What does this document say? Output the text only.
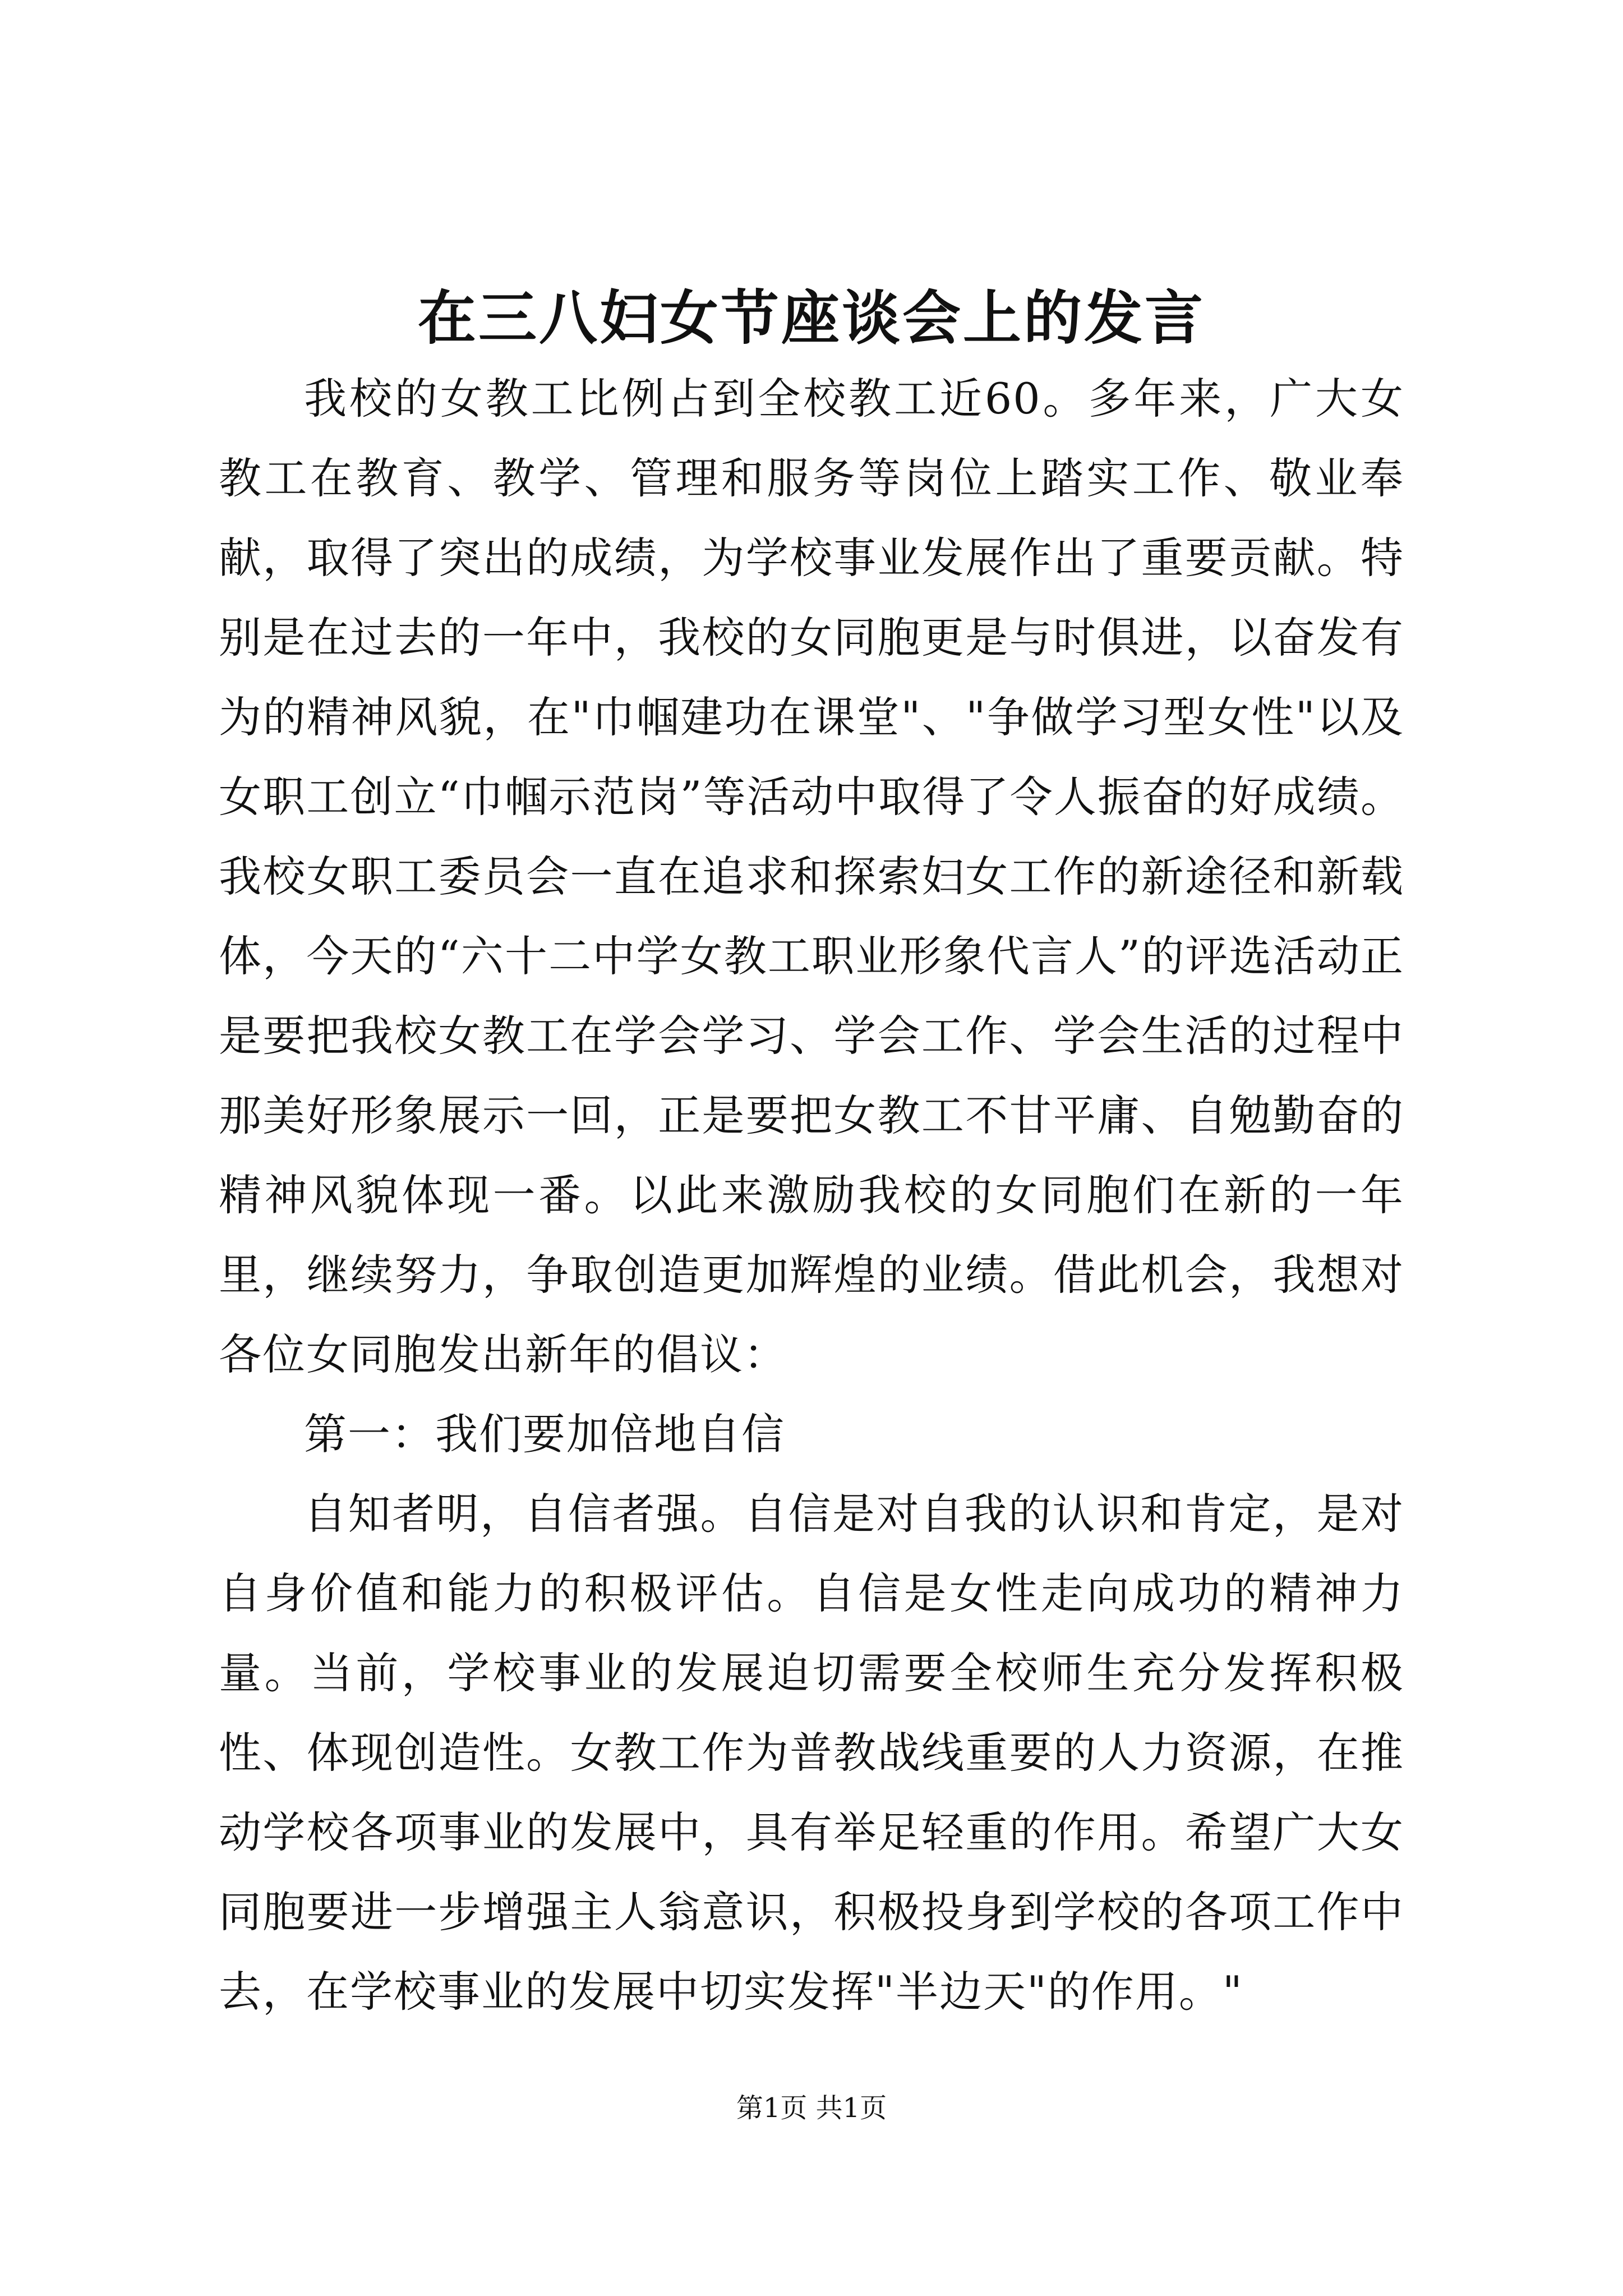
在三八妇女节座谈会上的发言

我校的女教工比例占到全校教工近60。多年来，广大女教工在教育、教学、管理和服务等岗位上踏实工作、敬业奉献，取得了突出的成绩，为学校事业发展作出了重要贡献。特别是在过去的一年中，我校的女同胞更是与时俱进，以奋发有为的精神风貌，在"巾帼建功在课堂"、"争做学习型女性"以及女职工创立“巾帼示范岗”等活动中取得了令人振奋的好成绩。我校女职工委员会一直在追求和探索妇女工作的新途径和新载体，今天的“六十二中学女教工职业形象代言人”的评选活动正是要把我校女教工在学会学习、学会工作、学会生活的过程中那美好形象展示一回，正是要把女教工不甘平庸、自勉勤奋的精神风貌体现一番。以此来激励我校的女同胞们在新的一年里，继续努力，争取创造更加辉煌的业绩。借此机会，我想对各位女同胞发出新年的倡议：

第一：我们要加倍地自信

自知者明，自信者强。自信是对自我的认识和肯定，是对自身价值和能力的积极评估。自信是女性走向成功的精神力量。当前，学校事业的发展迫切需要全校师生充分发挥积极性、体现创造性。女教工作为普教战线重要的人力资源，在推动学校各项事业的发展中，具有举足轻重的作用。希望广大女同胞要进一步增强主人翁意识，积极投身到学校的各项工作中去，在学校事业的发展中切实发挥"半边天"的作用。"

第1页 共1页
